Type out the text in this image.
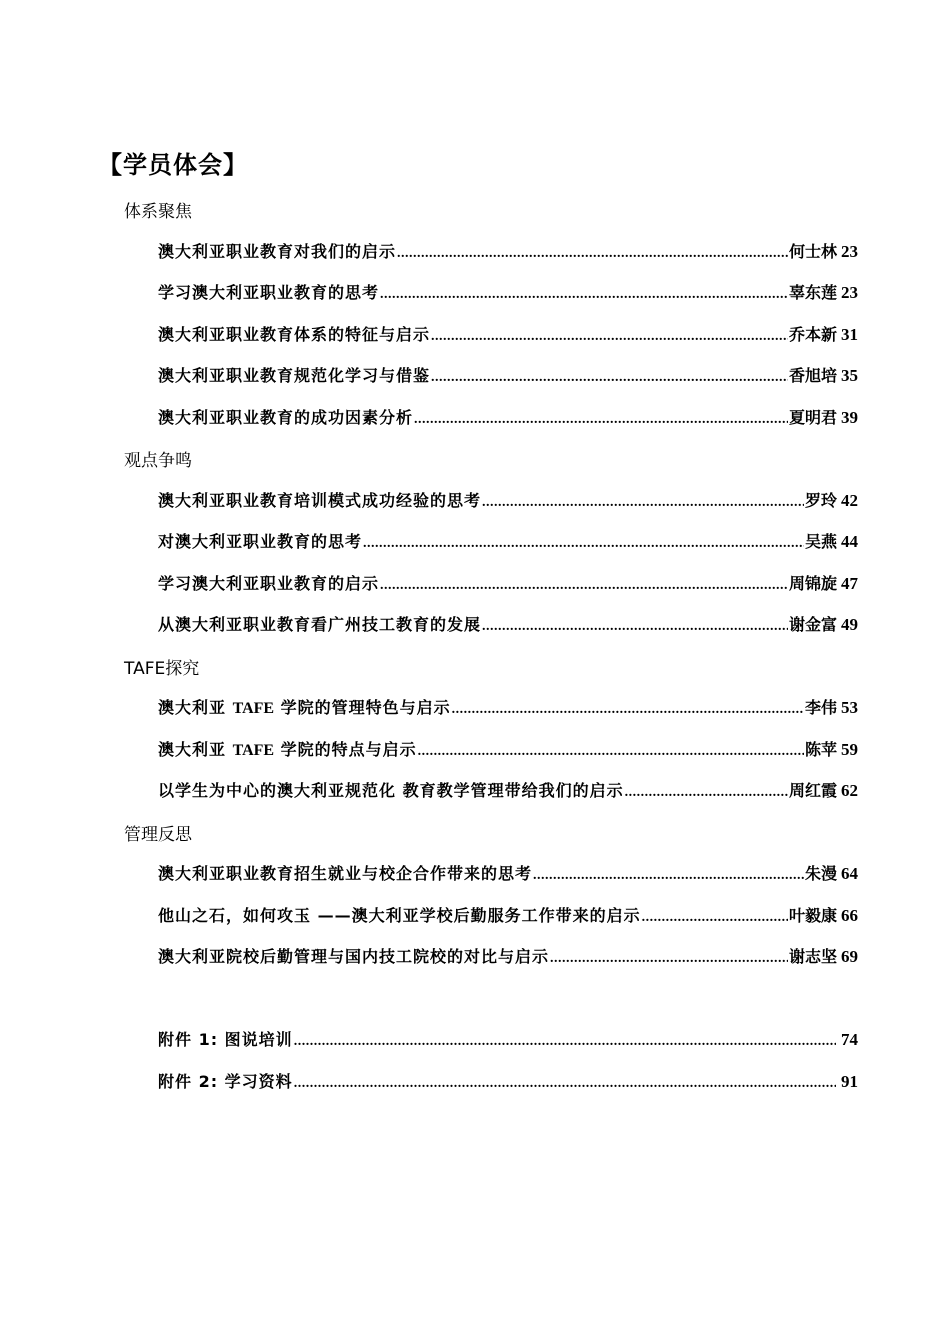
【学员体会】
体系聚焦
澳大利亚职业教育对我们的启示 .....	何士林 23
学习澳大利亚职业教育的思考 .....	辜东莲 23
澳大利亚职业教育体系的特征与启示 .....	乔本新 31
澳大利亚职业教育规范化学习与借鉴 .....	香旭培 35
澳大利亚职业教育的成功因素分析 .....	夏明君 39
观点争鸣
澳大利亚职业教育培训模式成功经验的思考 .....	罗玲 42
对澳大利亚职业教育的思考 .....	吴燕 44
学习澳大利亚职业教育的启示 .....	周锦旋 47
从澳大利亚职业教育看广州技工教育的发展 .....	谢金富 49
TAFE探究
澳大利亚 TAFE 学院的管理特色与启示 .....	李伟 53
澳大利亚 TAFE 学院的特点与启示 .....	陈苹 59
以学生为中心的澳大利亚规范化 教育教学管理带给我们的启示 .....	周红霞 62
管理反思
澳大利亚职业教育招生就业与校企合作带来的思考 .....	朱漫 64
他山之石，如何攻玉 ——澳大利亚学校后勤服务工作带来的启示 .....	叶毅康 66
澳大利亚院校后勤管理与国内技工院校的对比与启示 .....	谢志坚 69
附件 1: 图说培训 .....	74
附件 2: 学习资料 .....	91
